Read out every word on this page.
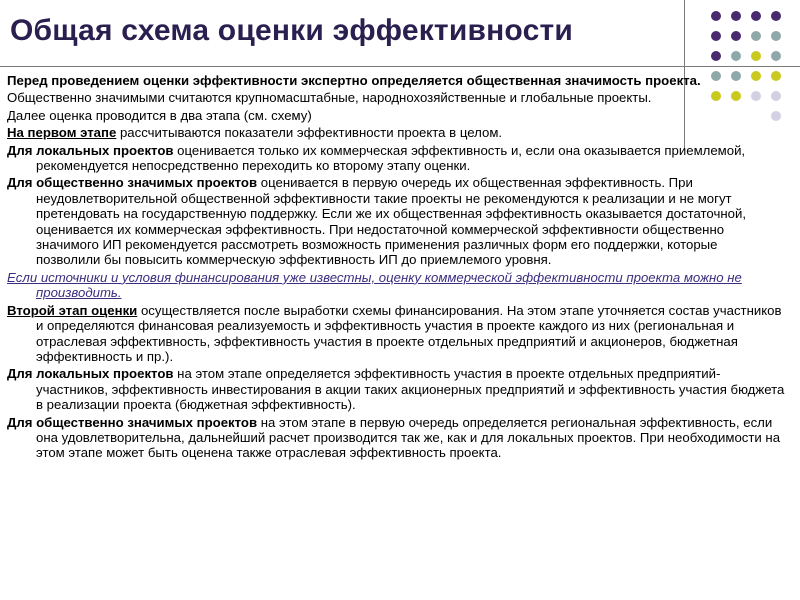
Общая схема оценки эффективности

Перед проведением оценки эффективности экспертно определяется общественная значимость проекта.

Общественно значимыми считаются крупномасштабные, народнохозяйственные и глобальные проекты.

Далее оценка проводится в два этапа (см. схему)

На первом этапе рассчитываются показатели эффективности проекта в целом.

Для локальных проектов оценивается только их коммерческая эффективность и, если она оказывается приемлемой, рекомендуется непосредственно переходить ко второму этапу оценки.

Для общественно значимых проектов оценивается в первую очередь их общественная эффективность. При неудовлетворительной общественной эффективности такие проекты не рекомендуются к реализации и не могут претендовать на государственную поддержку. Если же их общественная эффективность оказывается достаточной, оценивается их коммерческая эффективность. При недостаточной коммерческой эффективности общественно значимого ИП рекомендуется рассмотреть возможность применения различных форм его поддержки, которые позволили бы повысить коммерческую эффективность ИП до приемлемого уровня.

Если источники и условия финансирования уже известны, оценку коммерческой эффективности проекта можно не производить.

Второй этап оценки осуществляется после выработки схемы финансирования. На этом этапе уточняется состав участников и определяются финансовая реализуемость и эффективность участия в проекте каждого из них (региональная и отраслевая эффективность, эффективность участия в проекте отдельных предприятий и акционеров, бюджетная эффективность и пр.).

Для локальных проектов на этом этапе определяется эффективность участия в проекте отдельных предприятий-участников, эффективность инвестирования в акции таких акционерных предприятий и эффективность участия бюджета в реализации проекта (бюджетная эффективность).

Для общественно значимых проектов на этом этапе в первую очередь определяется региональная эффективность, если она удовлетворительна, дальнейший расчет производится так же, как и для локальных проектов. При необходимости на этом этапе может быть оценена также отраслевая эффективность проекта.
